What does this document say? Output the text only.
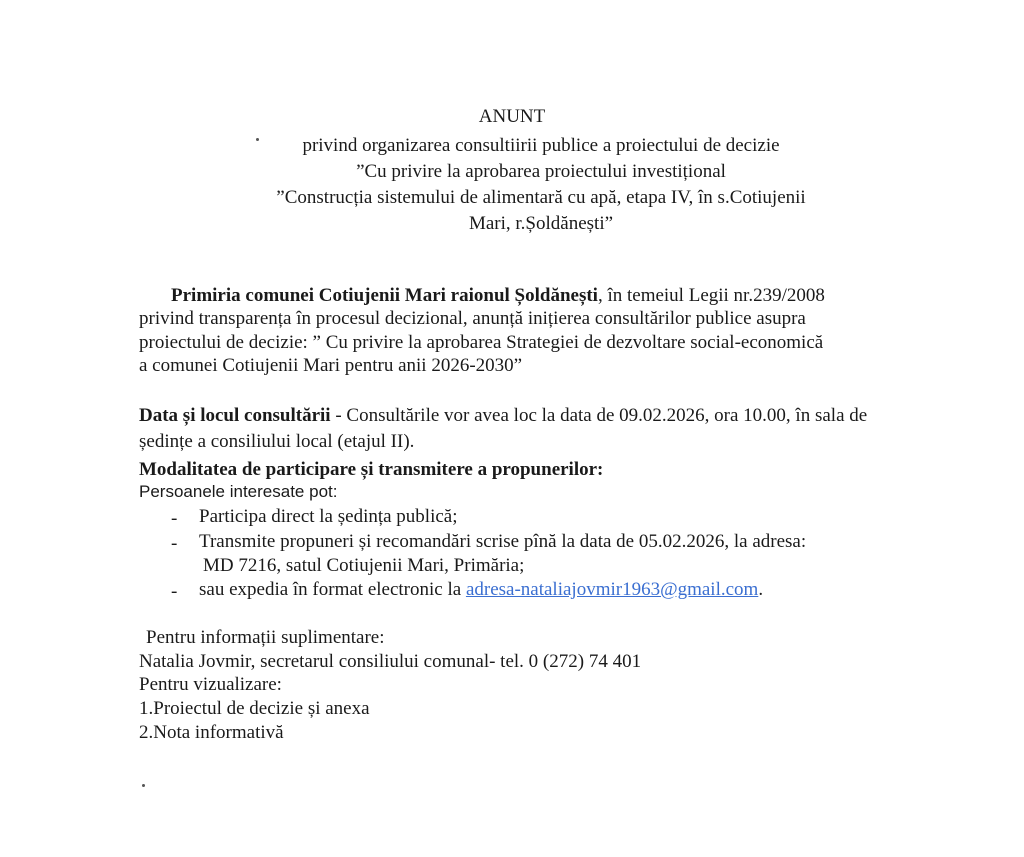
ANUNT
privind organizarea consultiirii publice a proiectului de decizie
”Cu privire la aprobarea proiectului investițional
”Construcția sistemului de alimentară cu apă, etapa IV, în s.Cotiujenii
Mari, r.Șoldănești”
Primiria comunei Cotiujenii Mari raionul Șoldănești, în temeiul Legii nr.239/2008
privind transparența în procesul decizional, anunță inițierea consultărilor publice asupra
proiectului de decizie: ” Cu privire la aprobarea Strategiei de dezvoltare social-economică
a comunei Cotiujenii Mari pentru anii 2026-2030”
Data și locul consultării - Consultările vor avea loc la data de 09.02.2026, ora 10.00, în sala de
ședințe a consiliului local (etajul II).
Modalitatea de participare și transmitere a propunerilor:
Persoanele interesate pot:
- Participa direct la ședința publică;
- Transmite propuneri și recomandări scrise pînă la data de 05.02.2026, la adresa:
MD 7216, satul Cotiujenii Mari, Primăria;
- sau expedia în format electronic la adresa-nataliajovmir1963@gmail.com.
Pentru informații suplimentare:
Natalia Jovmir, secretarul consiliului comunal- tel. 0 (272) 74 401
Pentru vizualizare:
1.Proiectul de decizie și anexa
2.Nota informativă
